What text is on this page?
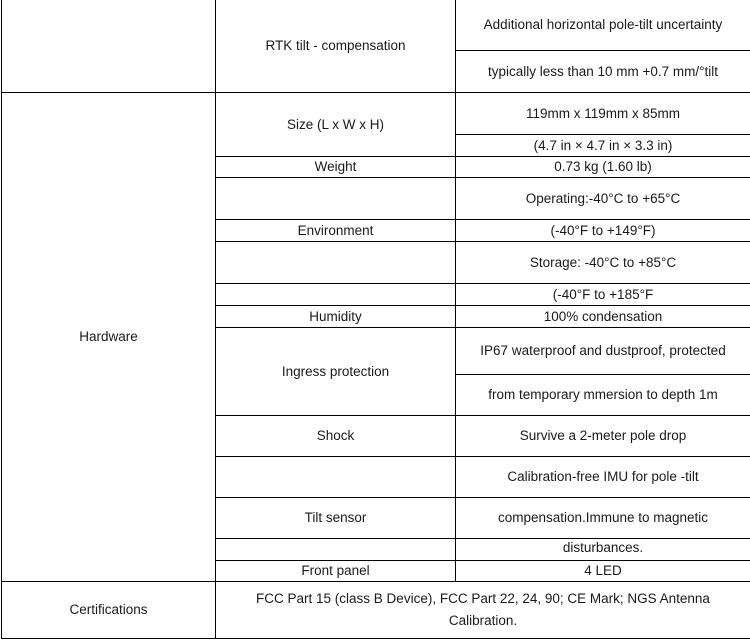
	RTK tilt - compensation	Additional horizontal pole-tilt uncertainty
		typically less than 10 mm +0.7 mm/°tilt
Hardware	Size (L x W x H)	119mm x 119mm x 85mm
		(4.7 in × 4.7 in × 3.3 in)
	Weight	0.73 kg (1.60 lb)
		Operating:-40°C to +65°C
	Environment	(-40°F to +149°F)
		Storage: -40°C to +85°C
		(-40°F to +185°F
	Humidity	100% condensation
	Ingress protection	IP67 waterproof and dustproof, protected
		from temporary mmersion to depth 1m
	Shock	Survive a 2-meter pole drop
		Calibration-free IMU for pole -tilt
	Tilt sensor	compensation.Immune to magnetic
		disturbances.
	Front panel	4 LED
Certifications	FCC Part 15 (class B Device), FCC Part 22, 24, 90; CE Mark; NGS Antenna Calibration.	
